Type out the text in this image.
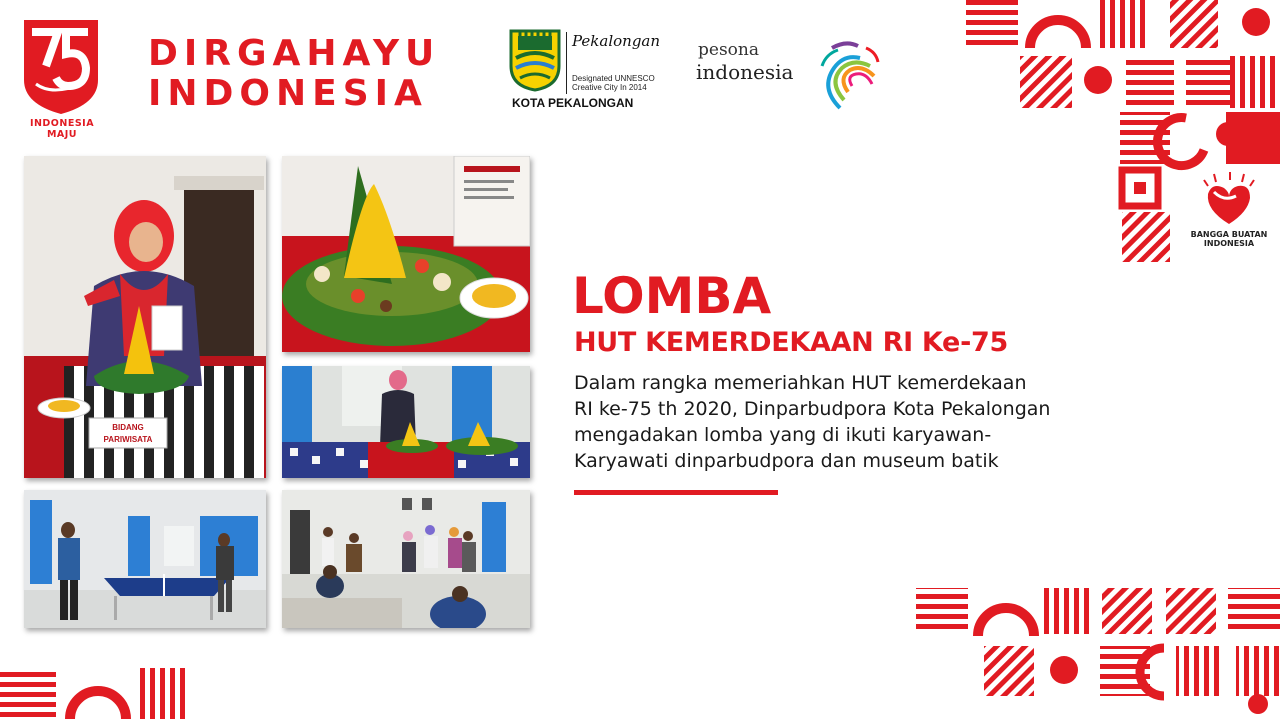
INDONESIA
MAJU
DIRGAHAYU
INDONESIA
Pekalongan
Designated UNNESCO
Creative City In 2014
KOTA PEKALONGAN
pesona
indonesia
BIDANG
PARIWISATA
LOMBA
HUT KEMERDEKAAN RI Ke-75
Dalam rangka memeriahkan HUT kemerdekaan
RI ke-75 th 2020, Dinparbudpora Kota Pekalongan
mengadakan lomba yang di ikuti karyawan-
Karyawati dinparbudpora dan museum batik
BANGGA BUATAN
INDONESIA
